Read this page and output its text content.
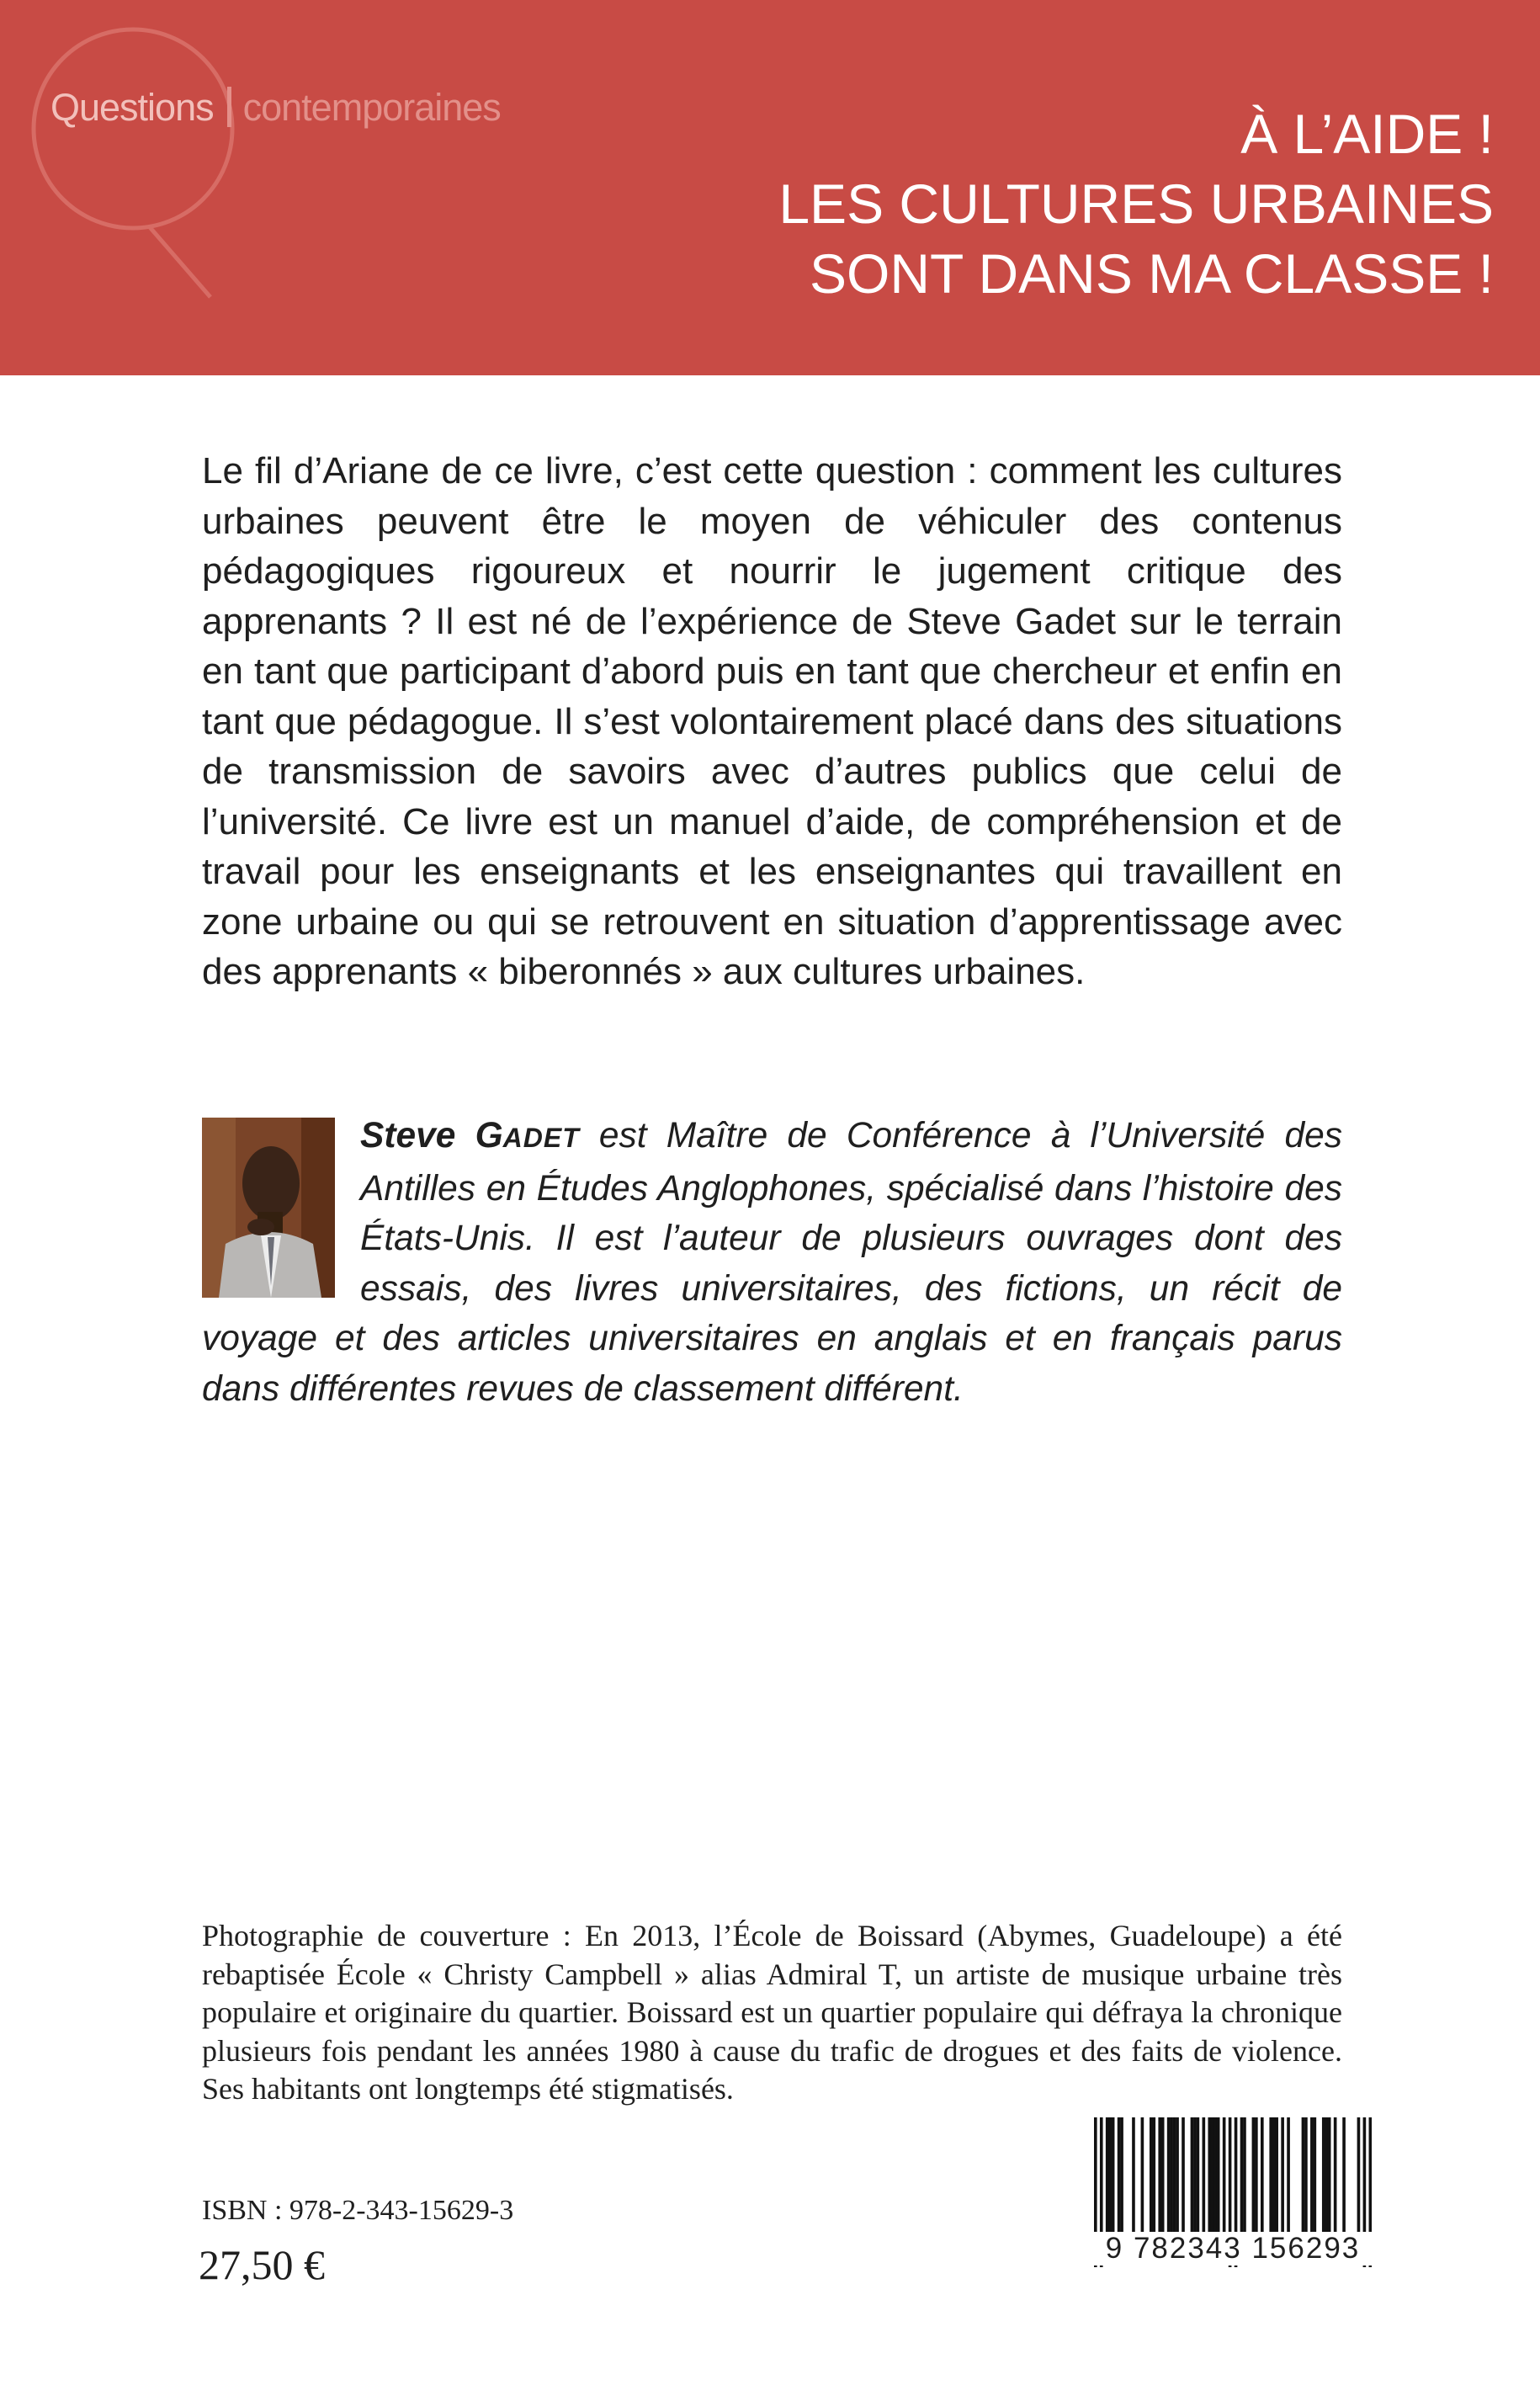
Questions contemporaines	À L’AIDE !
LES CULTURES URBAINES
SONT DANS MA CLASSE !
Le fil d’Ariane de ce livre, c’est cette question : comment les cultures urbaines peuvent être le moyen de véhiculer des contenus pédagogiques rigoureux et nourrir le jugement critique des apprenants ? Il est né de l’expérience de Steve Gadet sur le terrain en tant que participant d’abord puis en tant que chercheur et enfin en tant que pédagogue. Il s’est volontairement placé dans des situations de transmission de savoirs avec d’autres publics que celui de l’université. Ce livre est un manuel d’aide, de compréhension et de travail pour les enseignants et les enseignantes qui travaillent en zone urbaine ou qui se retrouvent en situation d’apprentissage avec des apprenants « biberonnés » aux cultures urbaines.
Steve GADET est Maître de Conférence à l’Université des Antilles en Études Anglophones, spécialisé dans l’histoire des États-Unis. Il est l’auteur de plusieurs ouvrages dont des essais, des livres universitaires, des fictions, un récit de voyage et des articles universitaires en anglais et en français parus dans différentes revues de classement différent.
Photographie de couverture : En 2013, l’École de Boissard (Abymes, Guadeloupe) a été rebaptisée École « Christy Campbell » alias Admiral T, un artiste de musique urbaine très populaire et originaire du quartier. Boissard est un quartier populaire qui défraya la chronique plusieurs fois pendant les années 1980 à cause du trafic de drogues et des faits de violence. Ses habitants ont longtemps été stigmatisés.
ISBN : 978-2-343-15629-3
27,50 €	9 782343 156293
